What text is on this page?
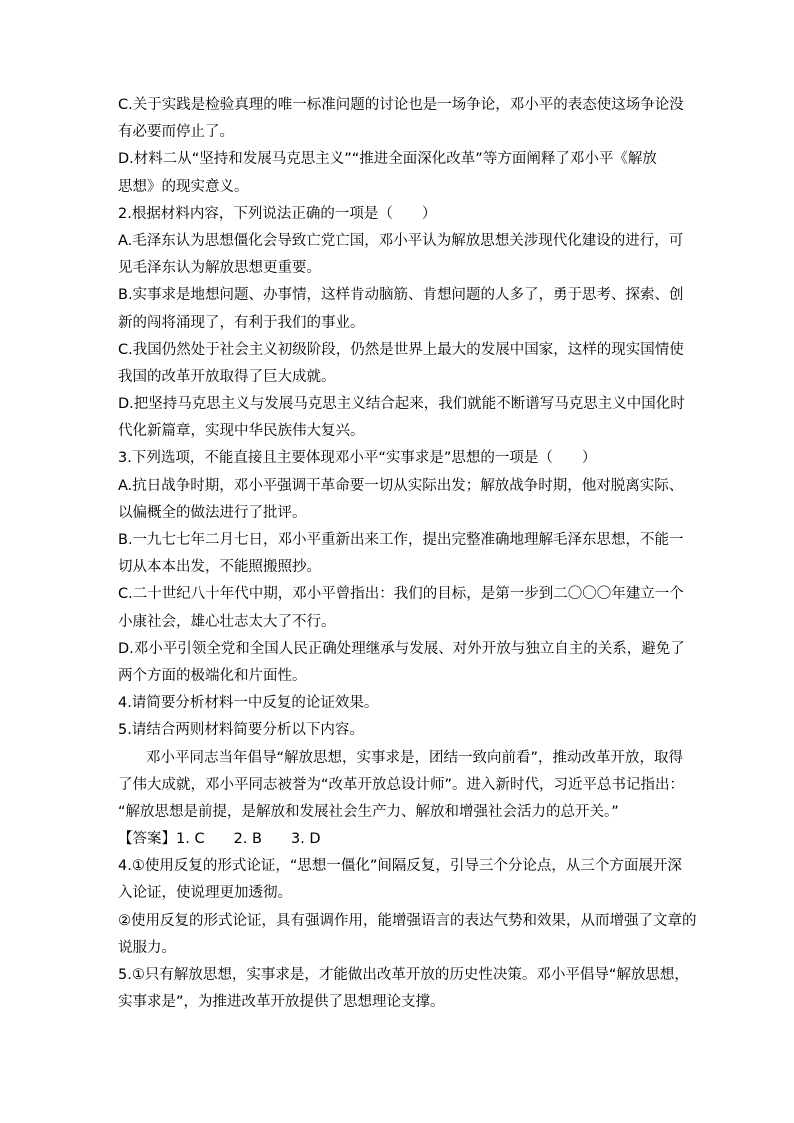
C.关于实践是检验真理的唯一标准问题的讨论也是一场争论，邓小平的表态使这场争论没
有必要而停止了。
D.材料二从“坚持和发展马克思主义”“推进全面深化改革”等方面阐释了邓小平《解放
思想》的现实意义。
2.根据材料内容，下列说法正确的一项是（　　）
A.毛泽东认为思想僵化会导致亡党亡国，邓小平认为解放思想关涉现代化建设的进行，可
见毛泽东认为解放思想更重要。
B.实事求是地想问题、办事情，这样肯动脑筋、肯想问题的人多了，勇于思考、探索、创
新的闯将涌现了，有利于我们的事业。
C.我国仍然处于社会主义初级阶段，仍然是世界上最大的发展中国家，这样的现实国情使
我国的改革开放取得了巨大成就。
D.把坚持马克思主义与发展马克思主义结合起来，我们就能不断谱写马克思主义中国化时
代化新篇章，实现中华民族伟大复兴。
3.下列选项，不能直接且主要体现邓小平“实事求是”思想的一项是（　　）
A.抗日战争时期，邓小平强调干革命要一切从实际出发；解放战争时期，他对脱离实际、
以偏概全的做法进行了批评。
B.一九七七年二月七日，邓小平重新出来工作，提出完整准确地理解毛泽东思想，不能一
切从本本出发，不能照搬照抄。
C.二十世纪八十年代中期，邓小平曾指出：我们的目标，是第一步到二〇〇〇年建立一个
小康社会，雄心壮志太大了不行。
D.邓小平引领全党和全国人民正确处理继承与发展、对外开放与独立自主的关系，避免了
两个方面的极端化和片面性。
4.请简要分析材料一中反复的论证效果。
5.请结合两则材料简要分析以下内容。
邓小平同志当年倡导“解放思想，实事求是，团结一致向前看”，推动改革开放，取得
了伟大成就，邓小平同志被誉为“改革开放总设计师”。进入新时代，习近平总书记指出：
“解放思想是前提，是解放和发展社会生产力、解放和增强社会活力的总开关。”
【答案】1. C　　2. B　　3. D
4.①使用反复的形式论证，“思想一僵化”间隔反复，引导三个分论点，从三个方面展开深
入论证，使说理更加透彻。
②使用反复的形式论证，具有强调作用，能增强语言的表达气势和效果，从而增强了文章的
说服力。
5.①只有解放思想，实事求是，才能做出改革开放的历史性决策。邓小平倡导“解放思想，
实事求是”，为推进改革开放提供了思想理论支撑。
